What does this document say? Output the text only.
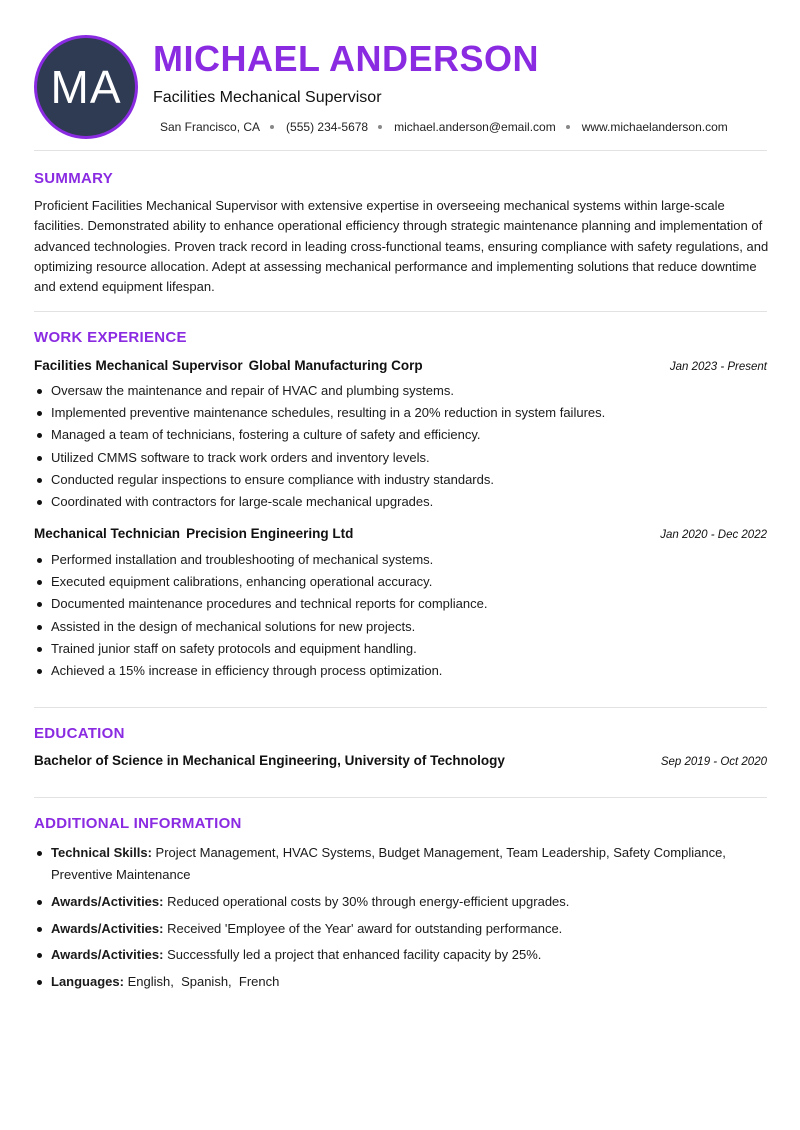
MA
MICHAEL ANDERSON
Facilities Mechanical Supervisor
San Francisco, CA (555) 234-5678 michael.anderson@email.com www.michaelanderson.com
SUMMARY

Proficient Facilities Mechanical Supervisor with extensive expertise in overseeing mechanical systems within large-scale facilities. Demonstrated ability to enhance operational efficiency through strategic maintenance planning and implementation of advanced technologies. Proven track record in leading cross-functional teams, ensuring compliance with safety regulations, and optimizing resource allocation. Adept at assessing mechanical performance and implementing solutions that reduce downtime and extend equipment lifespan.

WORK EXPERIENCE
Facilities Mechanical Supervisor Global Manufacturing Corp	Jan 2023 - Present
Oversaw the maintenance and repair of HVAC and plumbing systems.
Implemented preventive maintenance schedules, resulting in a 20% reduction in system failures.
Managed a team of technicians, fostering a culture of safety and efficiency.
Utilized CMMS software to track work orders and inventory levels.
Conducted regular inspections to ensure compliance with industry standards.
Coordinated with contractors for large-scale mechanical upgrades.
Mechanical Technician Precision Engineering Ltd	Jan 2020 - Dec 2022
Performed installation and troubleshooting of mechanical systems.
Executed equipment calibrations, enhancing operational accuracy.
Documented maintenance procedures and technical reports for compliance.
Assisted in the design of mechanical solutions for new projects.
Trained junior staff on safety protocols and equipment handling.
Achieved a 15% increase in efficiency through process optimization.
EDUCATION
Bachelor of Science in Mechanical Engineering, University of Technology	Sep 2019 - Oct 2020
ADDITIONAL INFORMATION
Technical Skills: Project Management, HVAC Systems, Budget Management, Team Leadership, Safety Compliance, Preventive Maintenance
Awards/Activities: Reduced operational costs by 30% through energy-efficient upgrades.
Awards/Activities: Received 'Employee of the Year' award for outstanding performance.
Awards/Activities: Successfully led a project that enhanced facility capacity by 25%.
Languages: English,  Spanish,  French
